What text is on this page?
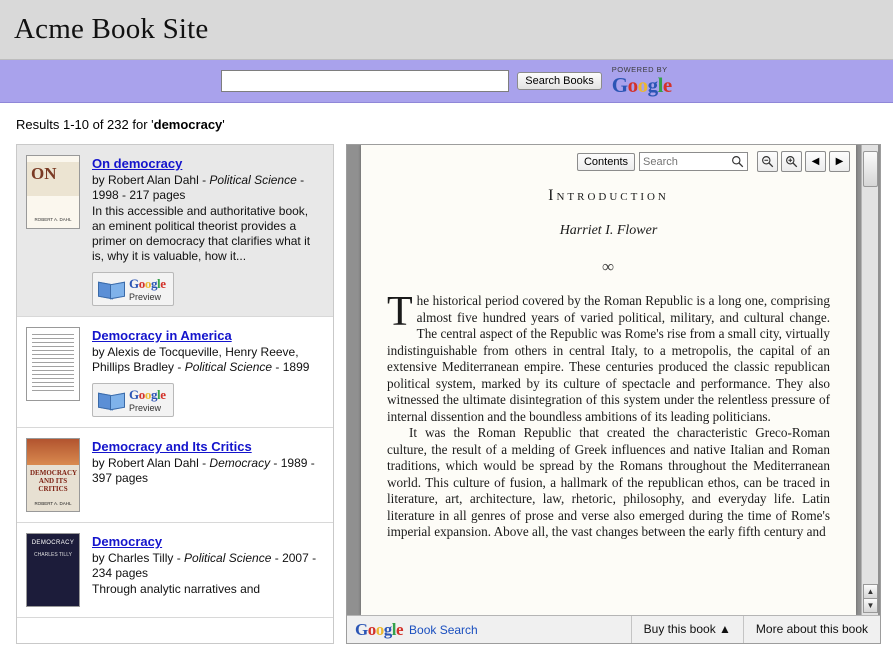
Acme Book Site
Search Books
POWERED BY
Google
Results 1-10 of 232 for 'democracy'
ON
ROBERT A. DAHL
On democracy
by Robert Alan Dahl - Political Science - 1998 - 217 pages
In this accessible and authoritative book, an eminent political theorist provides a primer on democracy that clarifies what it is, why it is valuable, how it...
Google
Preview
Democracy in America
by Alexis de Tocqueville, Henry Reeve, Phillips Bradley - Political Science - 1899
Google
Preview
DEMOCRACY AND ITS CRITICS
ROBERT A. DAHL
Democracy and Its Critics
by Robert Alan Dahl - Democracy - 1989 - 397 pages
DEMOCRACY
CHARLES TILLY
Democracy
by Charles Tilly - Political Science - 2007 - 234 pages
Through analytic narratives and
Introduction
Harriet I. Flower
∞
The historical period covered by the Roman Republic is a long one, comprising almost five hundred years of varied political, military, and cultural change. The central aspect of the Republic was Rome's rise from a small city, virtually indistinguishable from others in central Italy, to a metropolis, the capital of an extensive Mediterranean empire. These centuries produced the classic republican political system, marked by its culture of spectacle and performance. They also witnessed the ultimate disintegration of this system under the relentless pressure of internal dissention and the boundless ambitions of its leading politicians.
It was the Roman Republic that created the characteristic Greco-Roman culture, the result of a melding of Greek influences and native Italian and Roman traditions, which would be spread by the Romans throughout the Mediterranean world. This culture of fusion, a hallmark of the republican ethos, can be traced in literature, art, architecture, law, rhetoric, philosophy, and everyday life. Latin literature in all genres of prose and verse also emerged during the time of Rome's imperial expansion. Above all, the vast changes between the early fifth century and
Contents
Search	◀ ▶
▲
▼
Google Book Search	Buy this book ▲	More about this book
